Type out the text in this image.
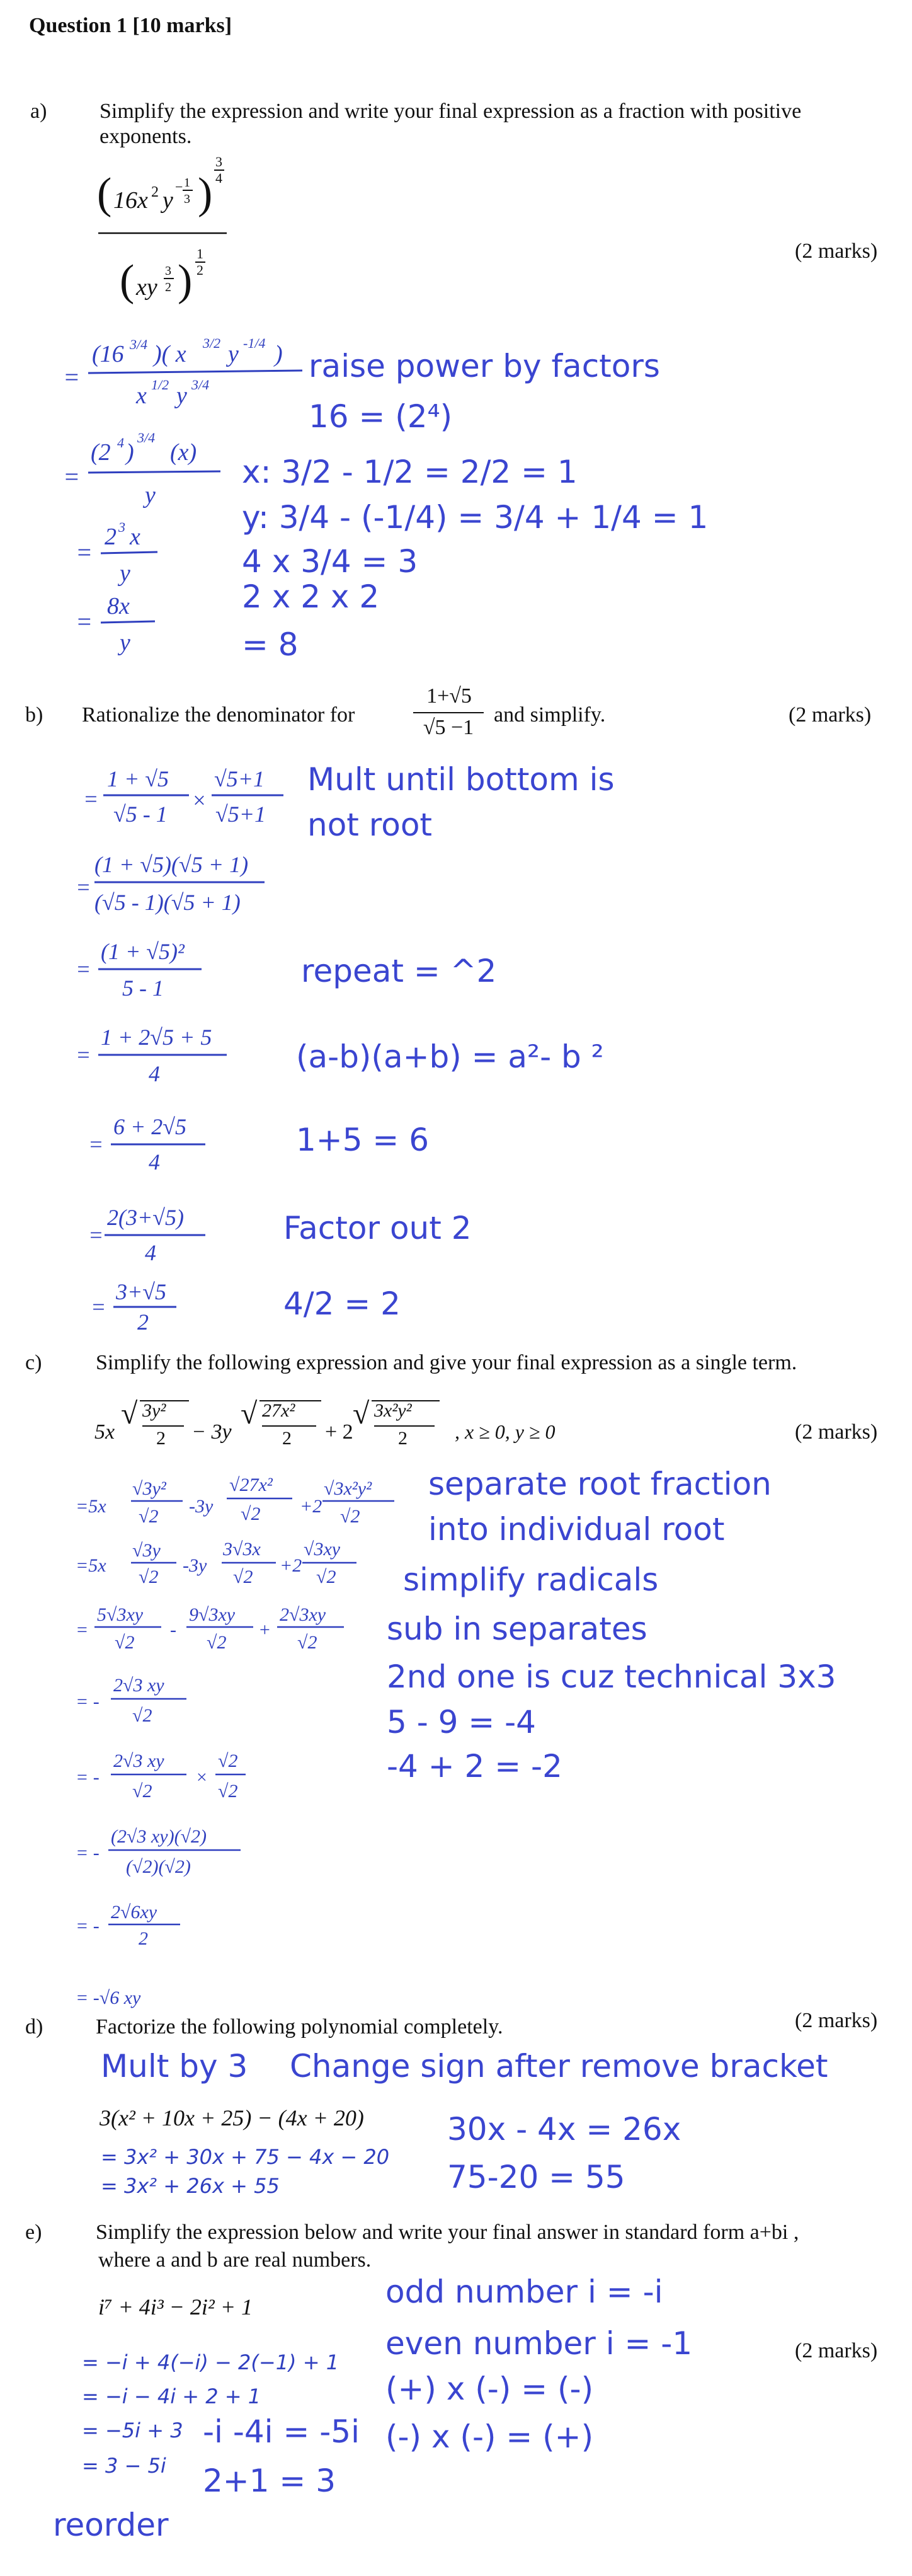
Question 1 [10 marks]
a) Simplify the expression and write your final expression as a fraction with positive
exponents.
(2 marks)
( 16x 2 y
− 1
3 )
3
4
( xy
3
2 )
1
2
=
(16 3/4 )( x 3/2 y -1/4 )
x 1/2 y 3/4
=
(2 4 )
3/4
(x)
y
=
2 3 x
y
=
8x
y
raise power by factors
16 = (2⁴)
x: 3/2 - 1/2 = 2/2 = 1
y: 3/4 - (-1/4) = 3/4 + 1/4 = 1
4 x 3/4 = 3
2 x 2 x 2
= 8
b) Rationalize the denominator for	(2 marks)
1+√5
√5 −1
and simplify.
=
1 + √5
√5 - 1
×
√5+1
√5+1
=
(1 + √5)(√5 + 1)
(√5 - 1)(√5 + 1)
=
(1 + √5)²
5 - 1
=
1 + 2√5 + 5
4
=
6 + 2√5
4
=
2(3+√5)
4
=
3+√5
2
Mult until bottom is
not root
repeat = ^2
(a-b)(a+b) = a²- b ²
1+5 = 6
Factor out 2
4/2 = 2
c)	Simplify the following expression and give your final expression as a single term.
(2 marks)
5x
√ 3y²
2 − 3y
√ 27x²
2 + 2
√ 3x²y²
2 , x ≥ 0, y ≥ 0
=5x
√3y²
√2 -3y
√27x²
√2 +2
√3x²y²
√2
=5x
√3y
√2
-3y
3√3x
√2
+2
√3xy
√2
=
5√3xy
√2
-
9√3xy
√2
+
2√3xy
√2
= -
2√3 xy
√2
= -
2√3 xy
√2
×
√2
√2
= -
(2√3 xy)(√2)
(√2)(√2)
= -
2√6xy
2
= -√6 xy
separate root fraction
into individual root
simplify radicals
sub in separates
2nd one is cuz technical 3x3
5 - 9 = -4
-4 + 2 = -2
d) Factorize the following polynomial completely.	(2 marks)
Mult by 3 Change sign after remove bracket
3(x² + 10x + 25) − (4x + 20)
= 3x² + 30x + 75 − 4x − 20
= 3x² + 26x + 55
30x - 4x = 26x
75-20 = 55
e)	Simplify the expression below and write your final answer in standard form a+bi ,
where a and b are real numbers.
(2 marks)
i⁷ + 4i³ − 2i² + 1
= −i + 4(−i) − 2(−1) + 1
= −i − 4i + 2 + 1
= −5i + 3
= 3 − 5i
odd number i = -i
even number i = -1
(+) x (-) = (-)
(-) x (-) = (+)
-i -4i = -5i
2+1 = 3
reorder
